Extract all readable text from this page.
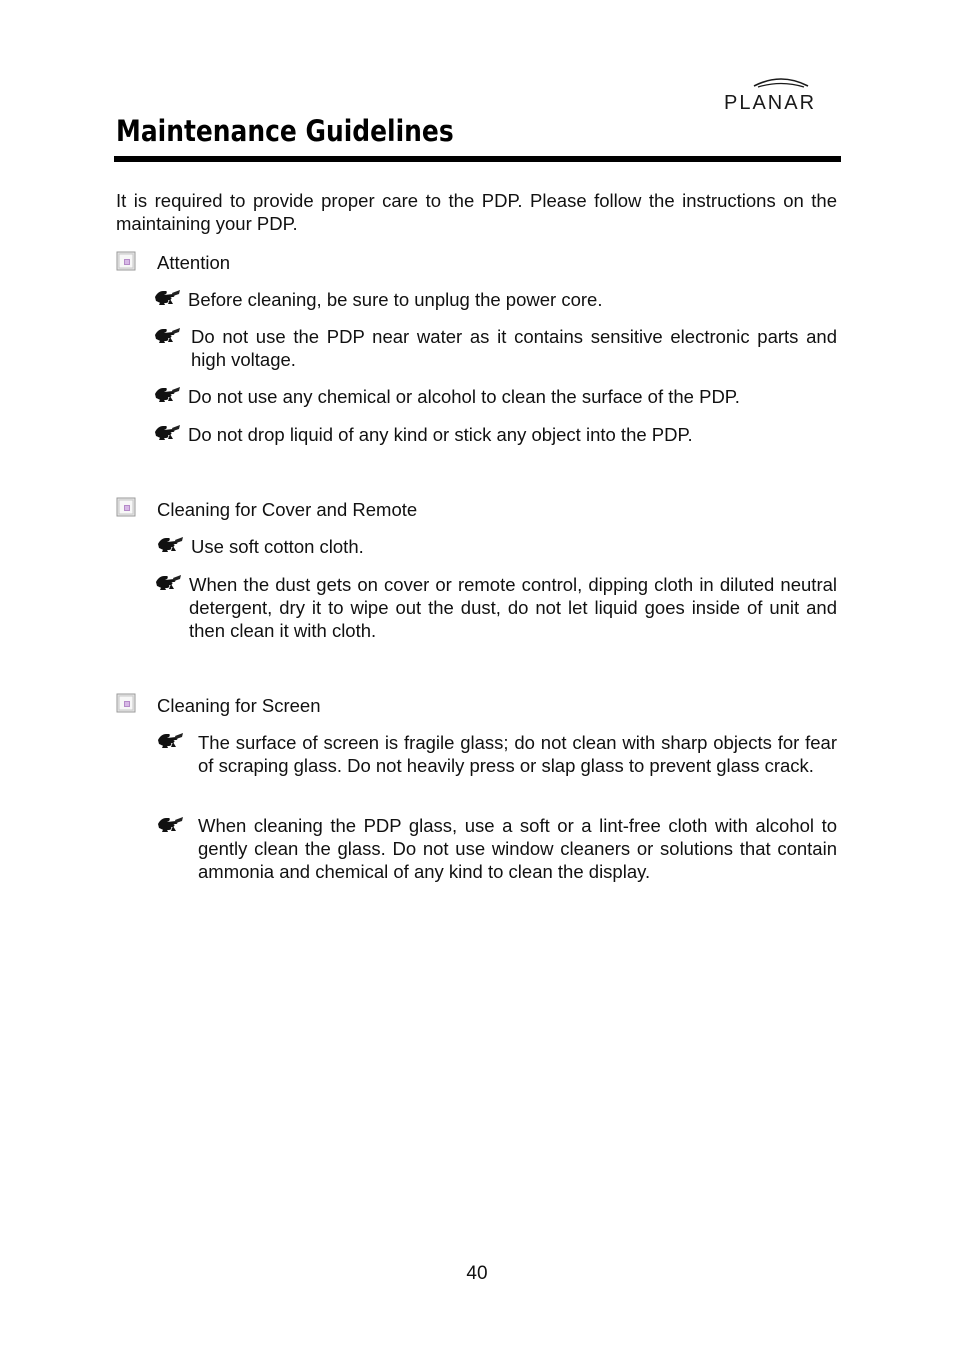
PLANAR
Maintenance Guidelines
It is required to provide proper care to the PDP. Please follow the instructions on the maintaining your PDP.
Attention
Before cleaning, be sure to unplug the power core.
Do not use the PDP near water as it contains sensitive electronic parts and high voltage.
Do not use any chemical or alcohol to clean the surface of the PDP.
Do not drop liquid of any kind or stick any object into the PDP.
Cleaning for Cover and Remote
Use soft cotton cloth.
When the dust gets on cover or remote control, dipping cloth in diluted neutral detergent, dry it to wipe out the dust, do not let liquid goes inside of unit and then clean it with cloth.
Cleaning for Screen
The surface of screen is fragile glass; do not clean with sharp objects for fear of scraping glass. Do not heavily press or slap glass to prevent glass crack.
When cleaning the PDP glass, use a soft or a lint-free cloth with alcohol to gently clean the glass. Do not use window cleaners or solutions that contain ammonia and chemical of any kind to clean the display.
40
